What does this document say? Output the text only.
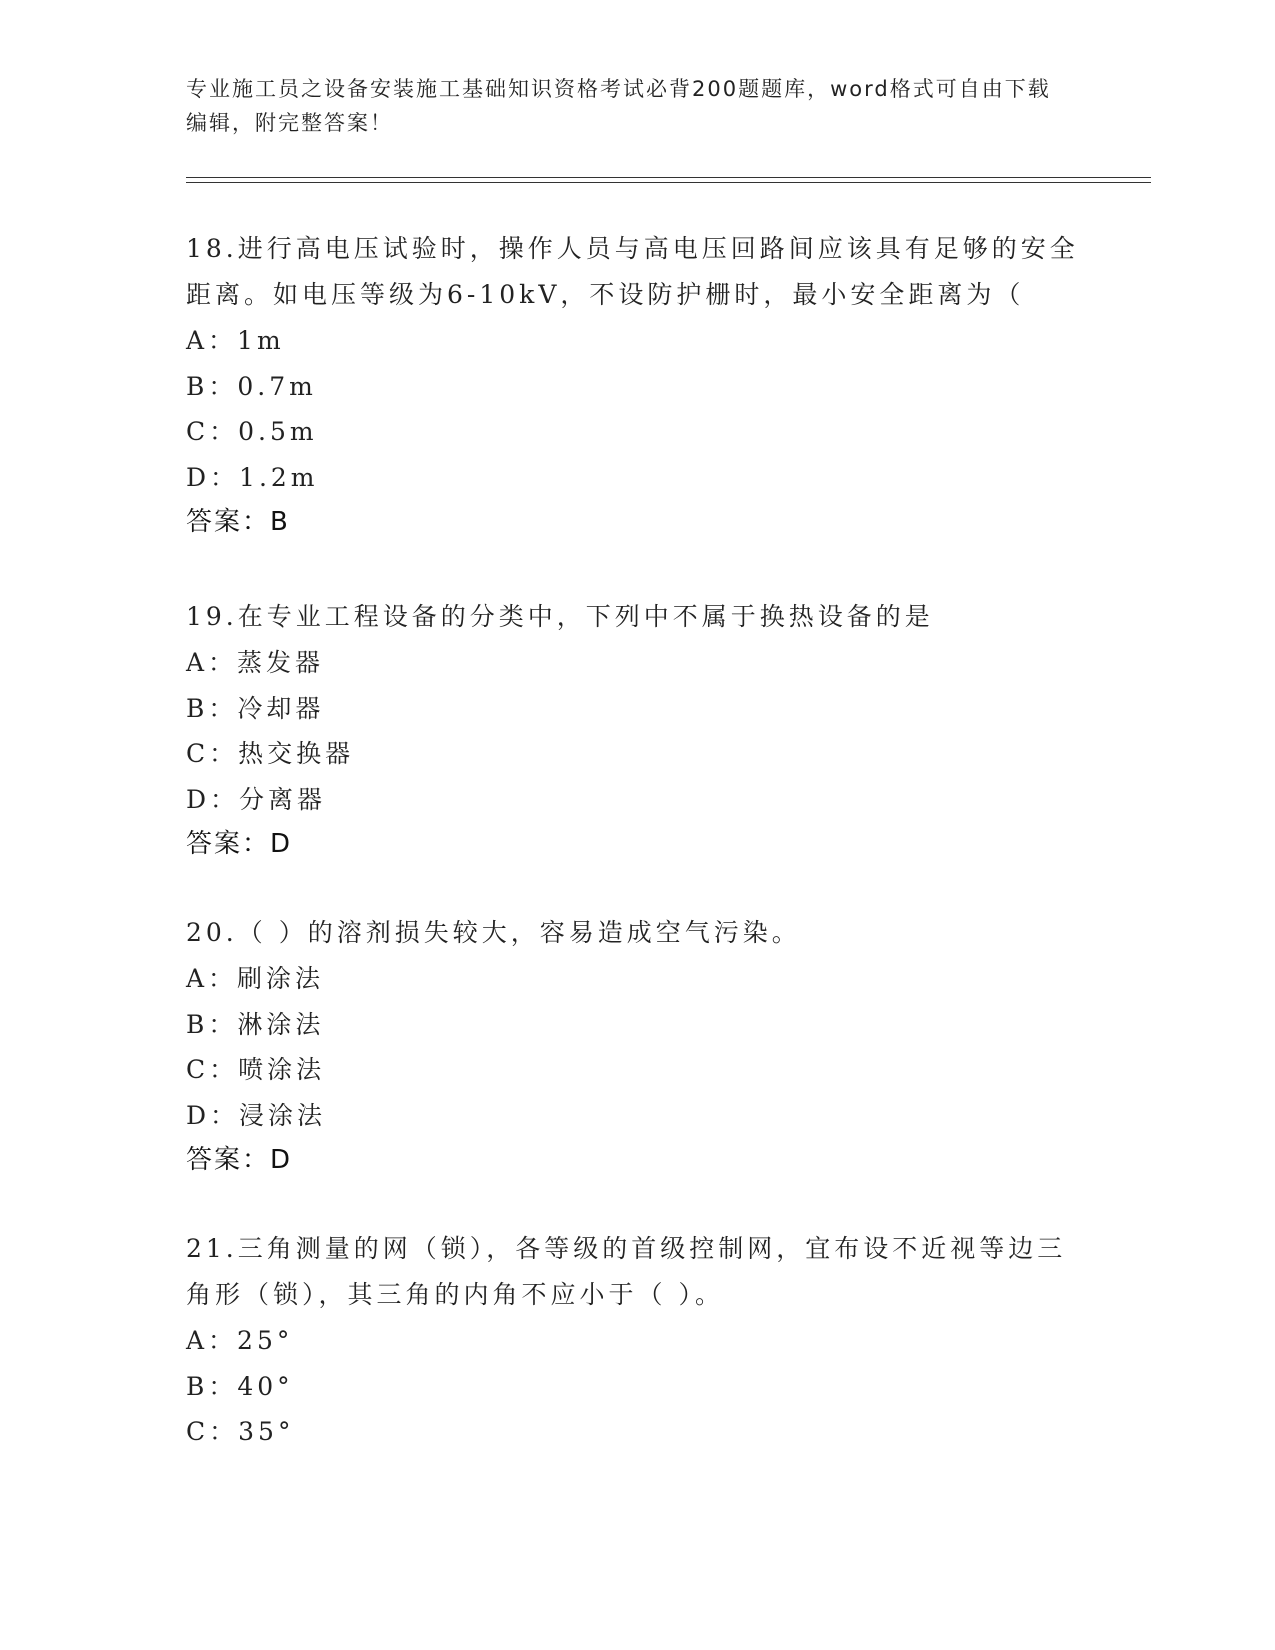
专业施工员之设备安装施工基础知识资格考试必背200题题库，word格式可自由下载编辑，附完整答案！
18.进行高电压试验时，操作人员与高电压回路间应该具有足够的安全距离。如电压等级为6-10kV，不设防护栅时，最小安全距离为（
A：1m
B：0.7m
C：0.5m
D：1.2m
答案：B
19.在专业工程设备的分类中，下列中不属于换热设备的是
A：蒸发器
B：冷却器
C：热交换器
D：分离器
答案：D
20.（ ）的溶剂损失较大，容易造成空气污染。
A：刷涂法
B：淋涂法
C：喷涂法
D：浸涂法
答案：D
21.三角测量的网（锁），各等级的首级控制网，宜布设不近视等边三角形（锁），其三角的内角不应小于（ ）。
A：25°
B：40°
C：35°
